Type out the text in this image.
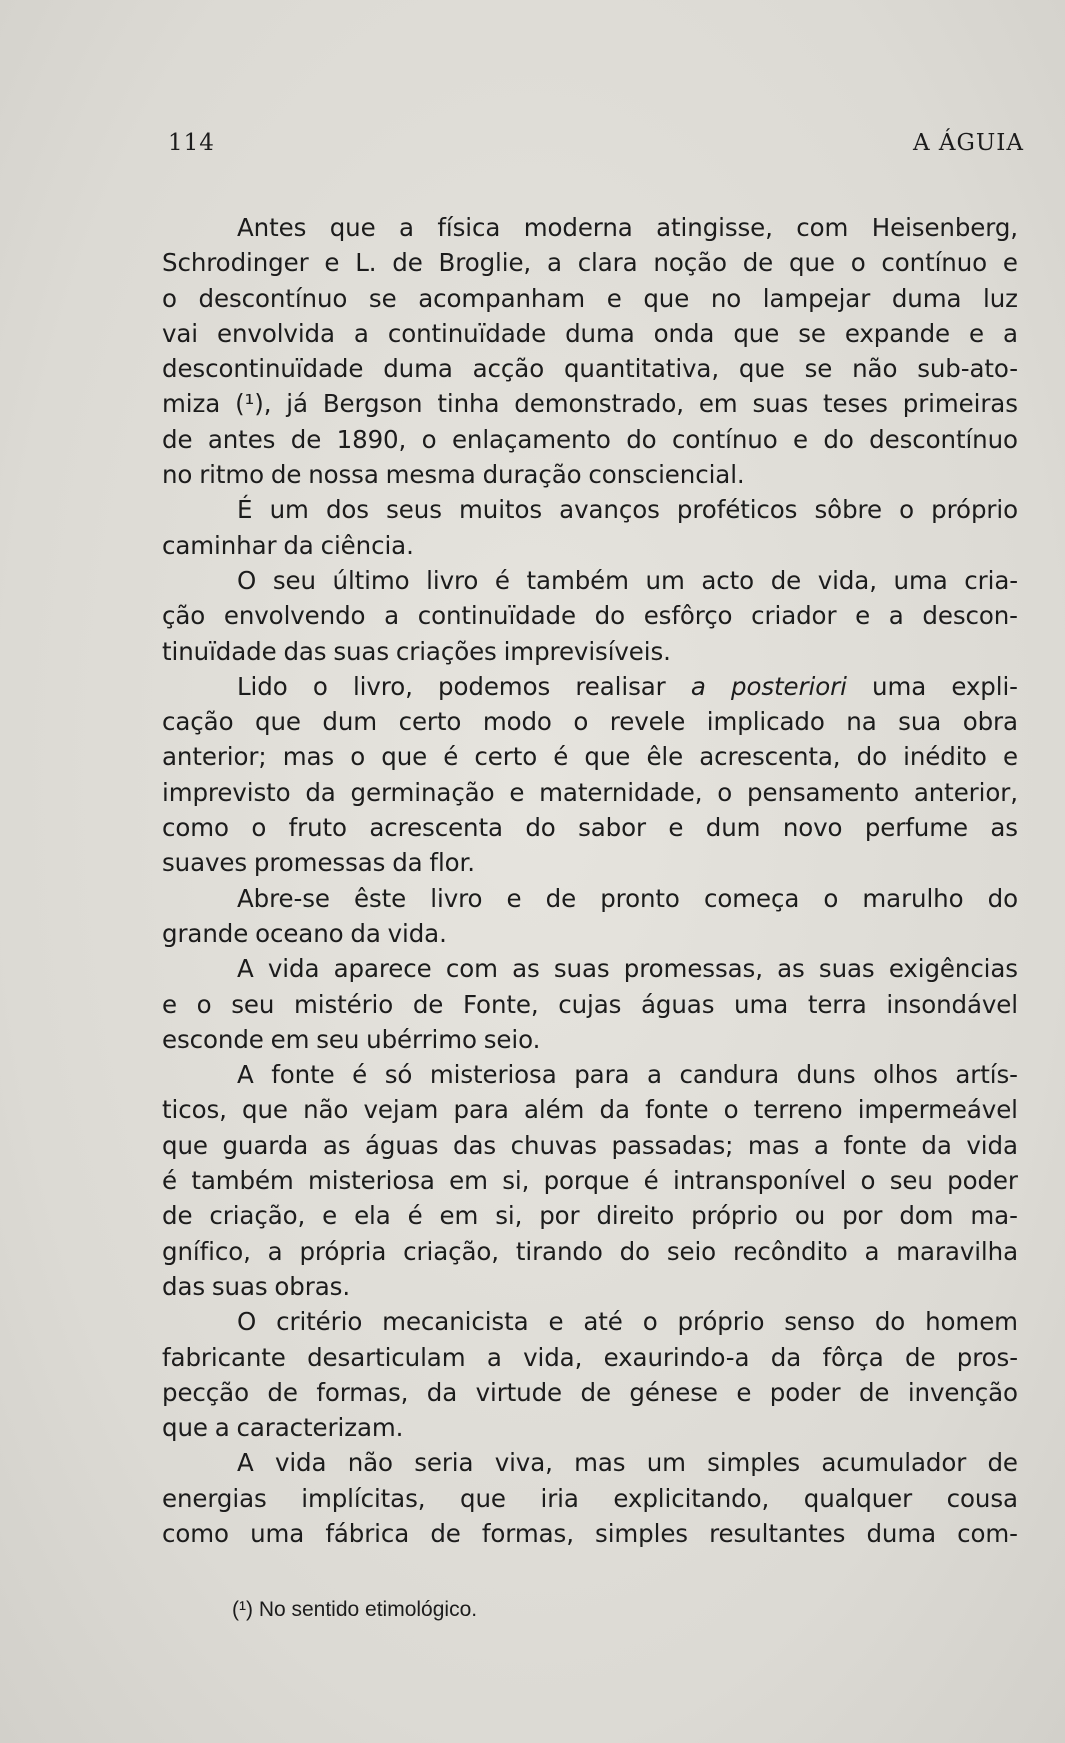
114	A ÁGUIA
Antes que a física moderna atingisse, com Heisenberg,
Schrodinger e L. de Broglie, a clara noção de que o contínuo e
o descontínuo se acompanham e que no lampejar duma luz
vai envolvida a continuïdade duma onda que se expande e a
descontinuïdade duma acção quantitativa, que se não sub-ato-
miza (¹), já Bergson tinha demonstrado, em suas teses primeiras
de antes de 1890, o enlaçamento do contínuo e do descontínuo
no ritmo de nossa mesma duração consciencial.
É um dos seus muitos avanços proféticos sôbre o próprio
caminhar da ciência.
O seu último livro é também um acto de vida, uma cria-
ção envolvendo a continuïdade do esfôrço criador e a descon-
tinuïdade das suas criações imprevisíveis.
Lido o livro, podemos realisar a posteriori uma expli-
cação que dum certo modo o revele implicado na sua obra
anterior; mas o que é certo é que êle acrescenta, do inédito e
imprevisto da germinação e maternidade, o pensamento anterior,
como o fruto acrescenta do sabor e dum novo perfume as
suaves promessas da flor.
Abre-se êste livro e de pronto começa o marulho do
grande oceano da vida.
A vida aparece com as suas promessas, as suas exigências
e o seu mistério de Fonte, cujas águas uma terra insondável
esconde em seu ubérrimo seio.
A fonte é só misteriosa para a candura duns olhos artís-
ticos, que não vejam para além da fonte o terreno impermeável
que guarda as águas das chuvas passadas; mas a fonte da vida
é também misteriosa em si, porque é intransponível o seu poder
de criação, e ela é em si, por direito próprio ou por dom ma-
gnífico, a própria criação, tirando do seio recôndito a maravilha
das suas obras.
O critério mecanicista e até o próprio senso do homem
fabricante desarticulam a vida, exaurindo-a da fôrça de pros-
pecção de formas, da virtude de génese e poder de invenção
que a caracterizam.
A vida não seria viva, mas um simples acumulador de
energias implícitas, que iria explicitando, qualquer cousa
como uma fábrica de formas, simples resultantes duma com-
(¹) No sentido etimológico.
